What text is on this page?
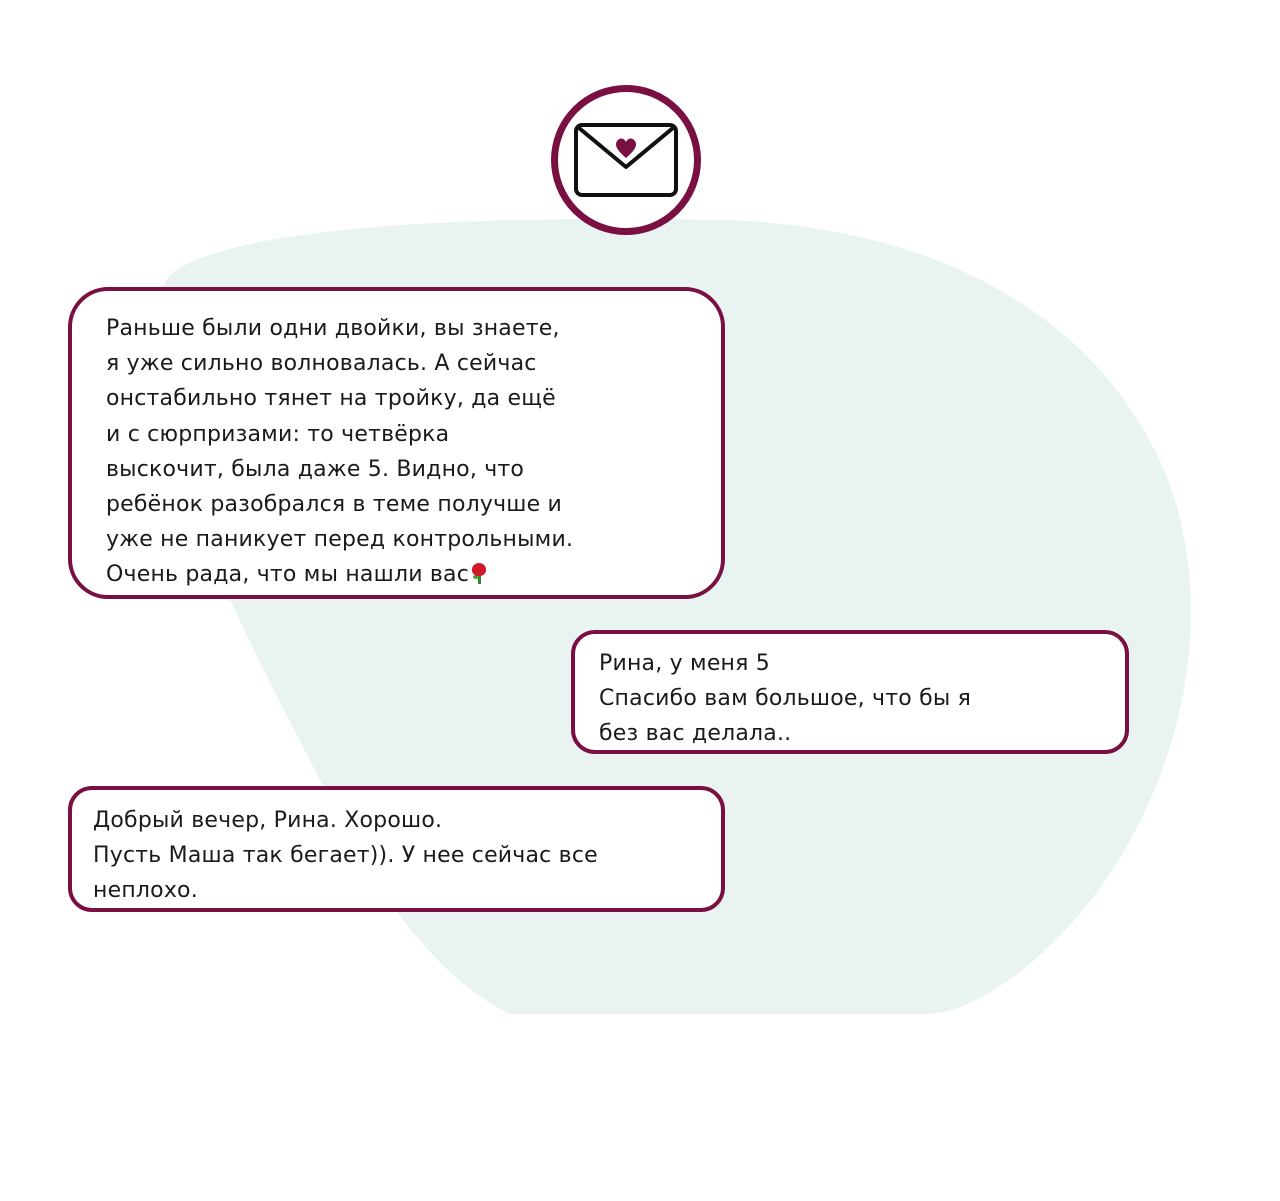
Раньше были одни двойки, вы знаете,
я уже сильно волновалась. А сейчас
онстабильно тянет на тройку, да ещё
и с сюрпризами: то четвёрка
выскочит, была даже 5. Видно, что
ребёнок разобрался в теме получше и
уже не паникует перед контрольными.
Очень рада, что мы нашли вас
Рина, у меня 5
Спасибо вам большое, что бы я
без вас делала..
Добрый вечер, Рина. Хорошо.
Пусть Маша так бегает)). У нее сейчас все
неплохо.
